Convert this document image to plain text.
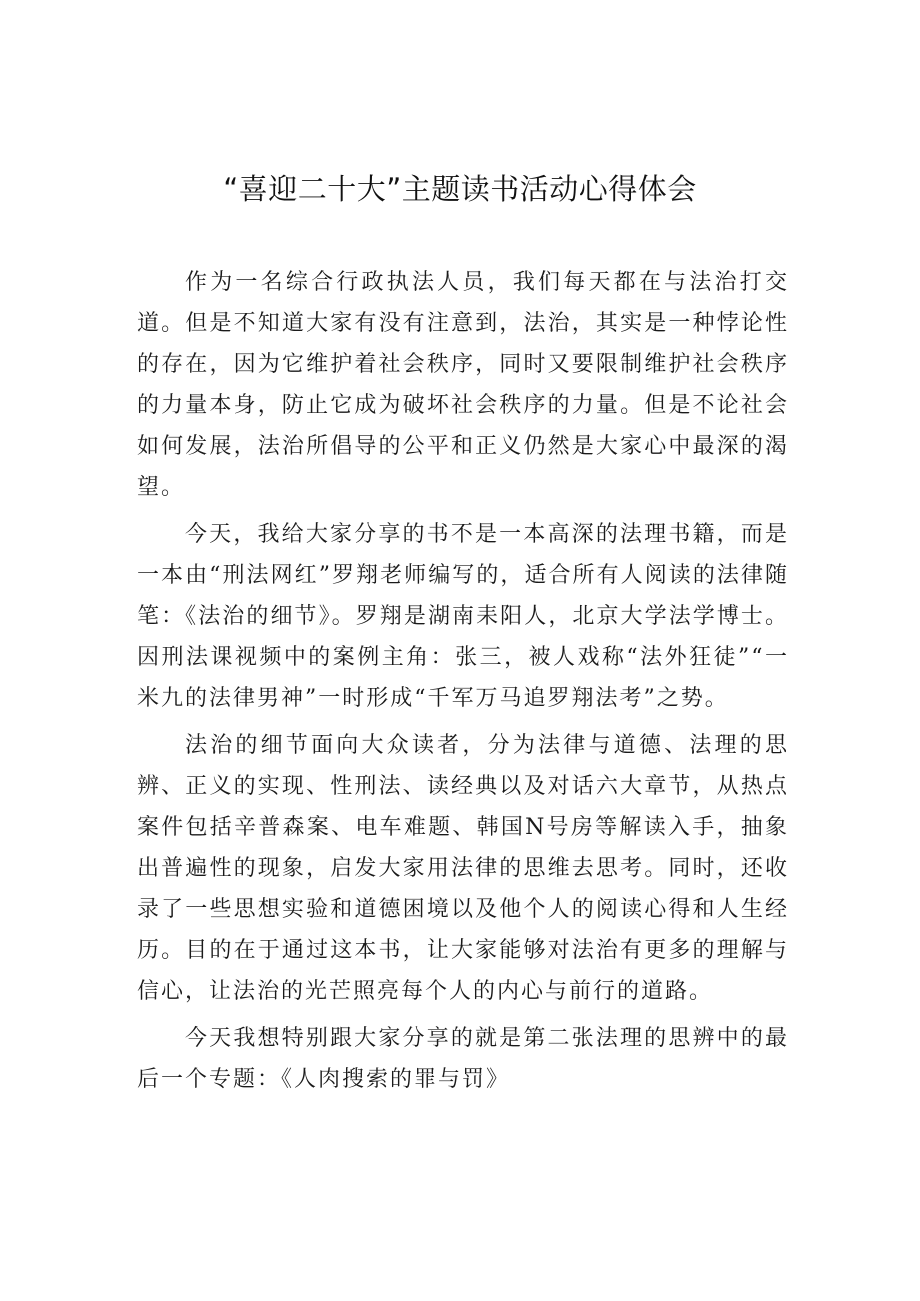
“喜迎二十大”主题读书活动心得体会

作为一名综合行政执法人员，我们每天都在与法治打交道。但是不知道大家有没有注意到，法治，其实是一种悖论性的存在，因为它维护着社会秩序，同时又要限制维护社会秩序的力量本身，防止它成为破坏社会秩序的力量。但是不论社会如何发展，法治所倡导的公平和正义仍然是大家心中最深的渴望。

今天，我给大家分享的书不是一本高深的法理书籍，而是一本由“刑法网红”罗翔老师编写的，适合所有人阅读的法律随笔：《法治的细节》。罗翔是湖南耒阳人，北京大学法学博士。因刑法课视频中的案例主角：张三，被人戏称“法外狂徒”“一米九的法律男神”一时形成“千军万马追罗翔法考”之势。

法治的细节面向大众读者，分为法律与道德、法理的思辨、正义的实现、性刑法、读经典以及对话六大章节，从热点案件包括辛普森案、电车难题、韩国N号房等解读入手，抽象出普遍性的现象，启发大家用法律的思维去思考。同时，还收录了一些思想实验和道德困境以及他个人的阅读心得和人生经历。目的在于通过这本书，让大家能够对法治有更多的理解与信心，让法治的光芒照亮每个人的内心与前行的道路。

今天我想特别跟大家分享的就是第二张法理的思辨中的最后一个专题：《人肉搜索的罪与罚》
